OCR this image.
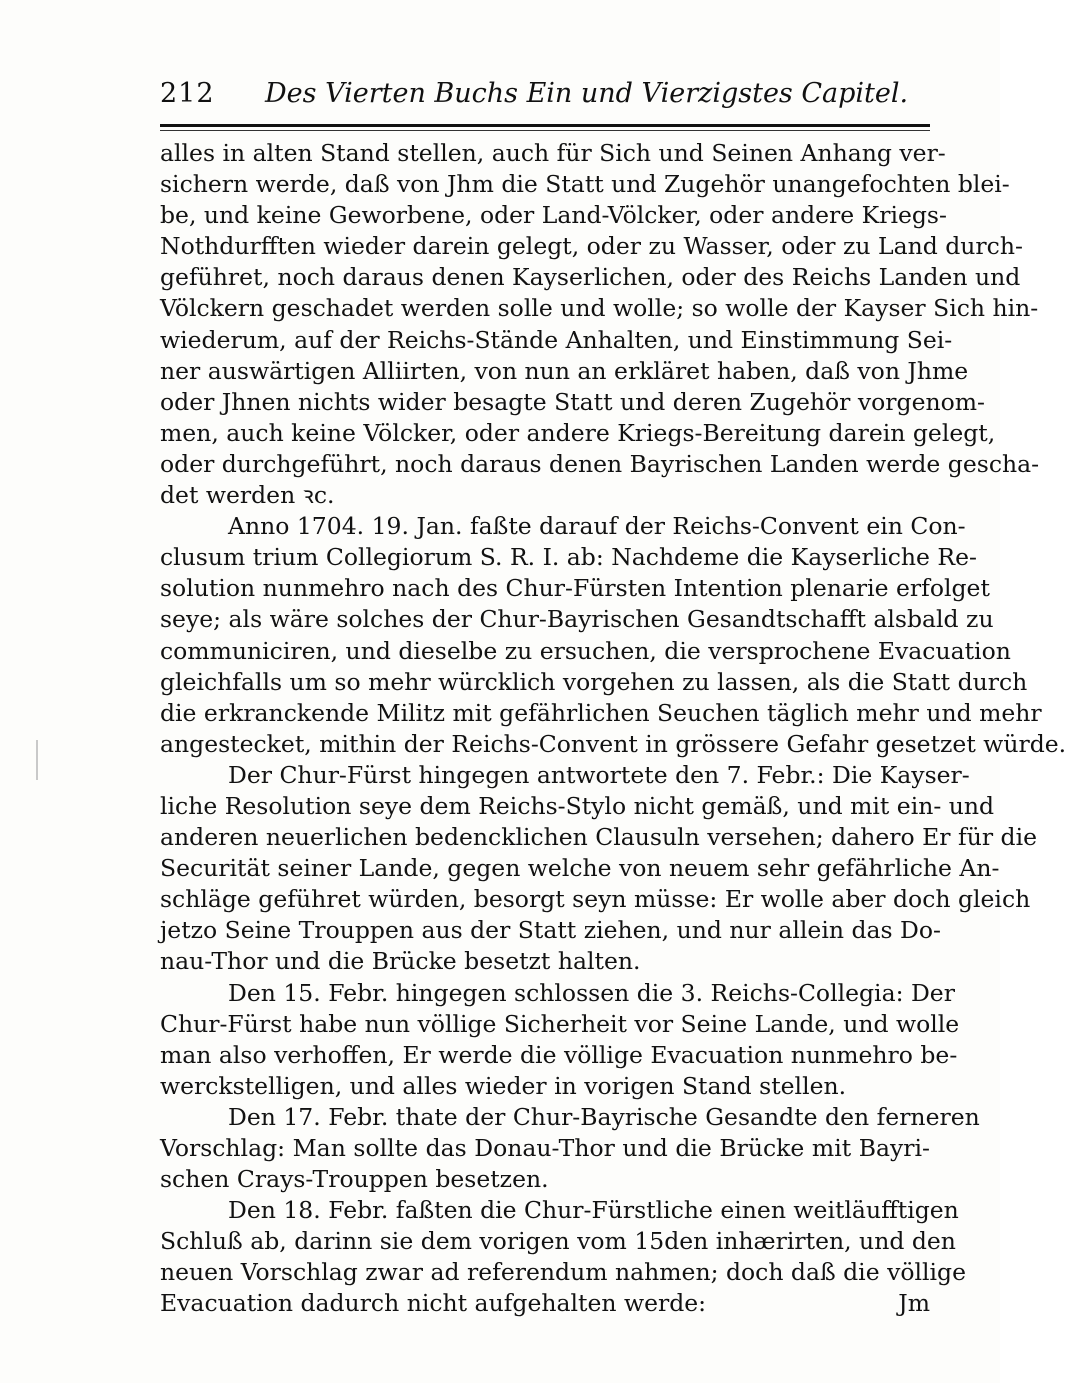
212 Des Vierten Buchs Ein und Vierzigstes Capitel.
alles in alten Stand stellen, auch für Sich und Seinen Anhang ver-
sichern werde, daß von Jhm die Statt und Zugehör unangefochten blei-
be, und keine Geworbene, oder Land-Völcker, oder andere Kriegs-
Nothdurfften wieder darein gelegt, oder zu Wasser, oder zu Land durch-
geführet, noch daraus denen Kayserlichen, oder des Reichs Landen und
Völckern geschadet werden solle und wolle; so wolle der Kayser Sich hin-
wiederum, auf der Reichs-Stände Anhalten, und Einstimmung Sei-
ner auswärtigen Alliirten, von nun an erkläret haben, daß von Jhme
oder Jhnen nichts wider besagte Statt und deren Zugehör vorgenom-
men, auch keine Völcker, oder andere Kriegs-Bereitung darein gelegt,
oder durchgeführt, noch daraus denen Bayrischen Landen werde gescha-
det werden ꝛc.
Anno 1704. 19. Jan. faßte darauf der Reichs-Convent ein Con-
clusum trium Collegiorum S. R. I. ab: Nachdeme die Kayserliche Re-
solution nunmehro nach des Chur-Fürsten Intention plenarie erfolget
seye; als wäre solches der Chur-Bayrischen Gesandtschafft alsbald zu
communiciren, und dieselbe zu ersuchen, die versprochene Evacuation
gleichfalls um so mehr würcklich vorgehen zu lassen, als die Statt durch
die erkranckende Militz mit gefährlichen Seuchen täglich mehr und mehr
angestecket, mithin der Reichs-Convent in grössere Gefahr gesetzet würde.
Der Chur-Fürst hingegen antwortete den 7. Febr.: Die Kayser-
liche Resolution seye dem Reichs-Stylo nicht gemäß, und mit ein- und
anderen neuerlichen bedencklichen Clausuln versehen; dahero Er für die
Securität seiner Lande, gegen welche von neuem sehr gefährliche An-
schläge geführet würden, besorgt seyn müsse: Er wolle aber doch gleich
jetzo Seine Trouppen aus der Statt ziehen, und nur allein das Do-
nau-Thor und die Brücke besetzt halten.
Den 15. Febr. hingegen schlossen die 3. Reichs-Collegia: Der
Chur-Fürst habe nun völlige Sicherheit vor Seine Lande, und wolle
man also verhoffen, Er werde die völlige Evacuation nunmehro be-
werckstelligen, und alles wieder in vorigen Stand stellen.
Den 17. Febr. thate der Chur-Bayrische Gesandte den ferneren
Vorschlag: Man sollte das Donau-Thor und die Brücke mit Bayri-
schen Crays-Trouppen besetzen.
Den 18. Febr. faßten die Chur-Fürstliche einen weitläufftigen
Schluß ab, darinn sie dem vorigen vom 15den inhærirten, und den
neuen Vorschlag zwar ad referendum nahmen; doch daß die völlige
Evacuation dadurch nicht aufgehalten werde:	Jm
